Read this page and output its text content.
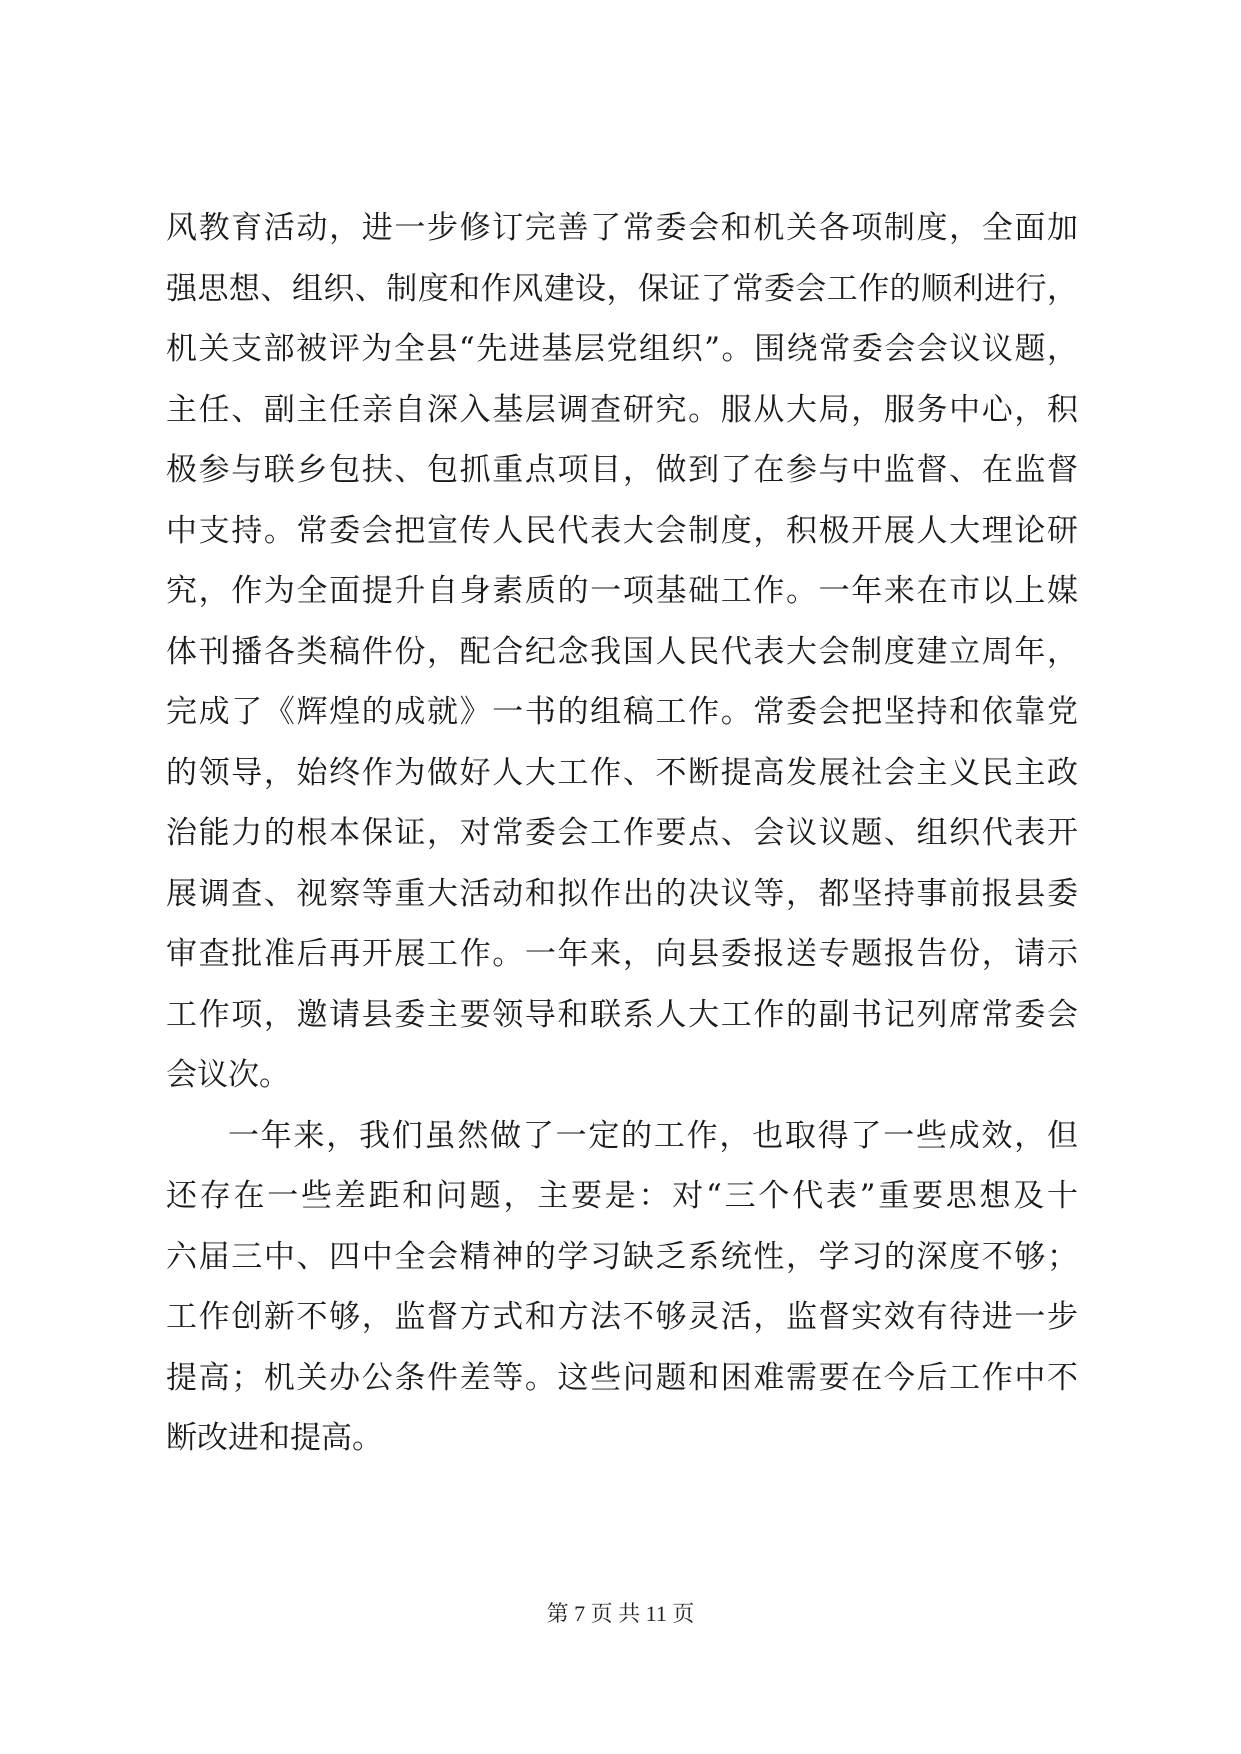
风教育活动，进一步修订完善了常委会和机关各项制度，全面加
强思想、组织、制度和作风建设，保证了常委会工作的顺利进行，
机关支部被评为全县“先进基层党组织”。围绕常委会会议议题，
主任、副主任亲自深入基层调查研究。服从大局，服务中心，积
极参与联乡包扶、包抓重点项目，做到了在参与中监督、在监督
中支持。常委会把宣传人民代表大会制度，积极开展人大理论研
究，作为全面提升自身素质的一项基础工作。一年来在市以上媒
体刊播各类稿件份，配合纪念我国人民代表大会制度建立周年，
完成了《辉煌的成就》一书的组稿工作。常委会把坚持和依靠党
的领导，始终作为做好人大工作、不断提高发展社会主义民主政
治能力的根本保证，对常委会工作要点、会议议题、组织代表开
展调查、视察等重大活动和拟作出的决议等，都坚持事前报县委
审查批准后再开展工作。一年来，向县委报送专题报告份，请示
工作项，邀请县委主要领导和联系人大工作的副书记列席常委会
会议次。
一年来，我们虽然做了一定的工作，也取得了一些成效，但
还存在一些差距和问题，主要是：对“三个代表”重要思想及十
六届三中、四中全会精神的学习缺乏系统性，学习的深度不够；
工作创新不够，监督方式和方法不够灵活，监督实效有待进一步
提高；机关办公条件差等。这些问题和困难需要在今后工作中不
断改进和提高。
第 7 页 共 11 页
